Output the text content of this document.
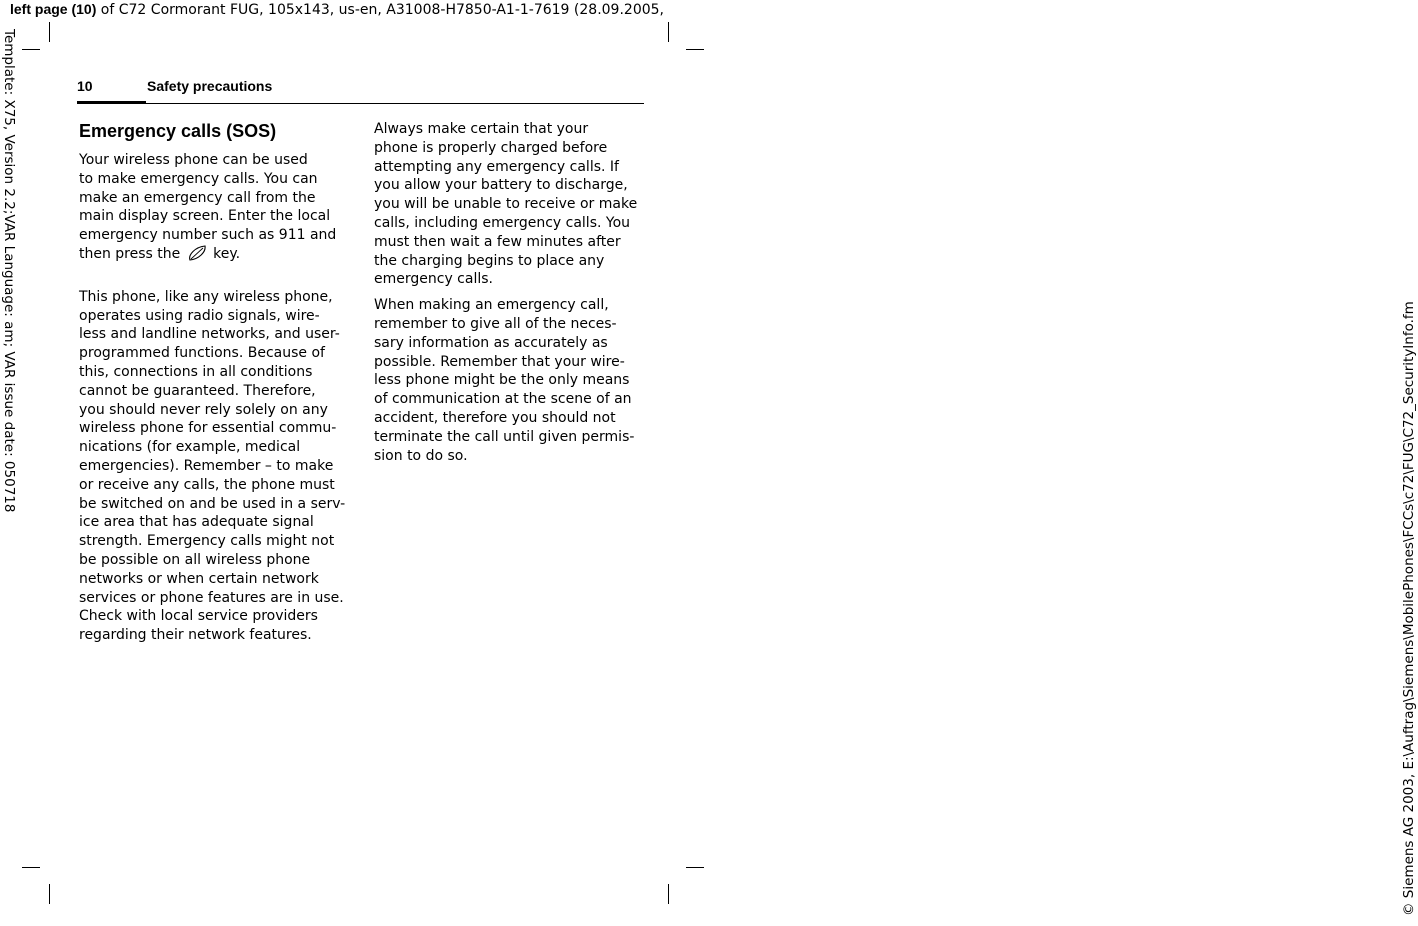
left page (10) of C72 Cormorant FUG, 105x143, us-en, A31008-H7850-A1-1-7619 (28.09.2005,
Template: X75, Version 2.2;VAR Language: am; VAR issue date: 050718
© Siemens AG 2003, E:\Auftrag\Siemens\MobilePhones\FCCs\c72\FUG\C72_SecurityInfo.fm
10	Safety precautions
Emergency calls (SOS)

Your wireless phone can be used
to make emergency calls. You can
make an emergency call from the
main display screen. Enter the local
emergency number such as 911 and
then press the
key.

This phone, like any wireless phone,
operates using radio signals, wire-
less and landline networks, and user-
programmed functions. Because of
this, connections in all conditions
cannot be guaranteed. Therefore,
you should never rely solely on any
wireless phone for essential commu-
nications (for example, medical
emergencies). Remember – to make
or receive any calls, the phone must
be switched on and be used in a serv-
ice area that has adequate signal
strength. Emergency calls might not
be possible on all wireless phone
networks or when certain network
services or phone features are in use.
Check with local service providers
regarding their network features.

Always make certain that your
phone is properly charged before
attempting any emergency calls. If
you allow your battery to discharge,
you will be unable to receive or make
calls, including emergency calls. You
must then wait a few minutes after
the charging begins to place any
emergency calls.

When making an emergency call,
remember to give all of the neces-
sary information as accurately as
possible. Remember that your wire-
less phone might be the only means
of communication at the scene of an
accident, therefore you should not
terminate the call until given permis-
sion to do so.
